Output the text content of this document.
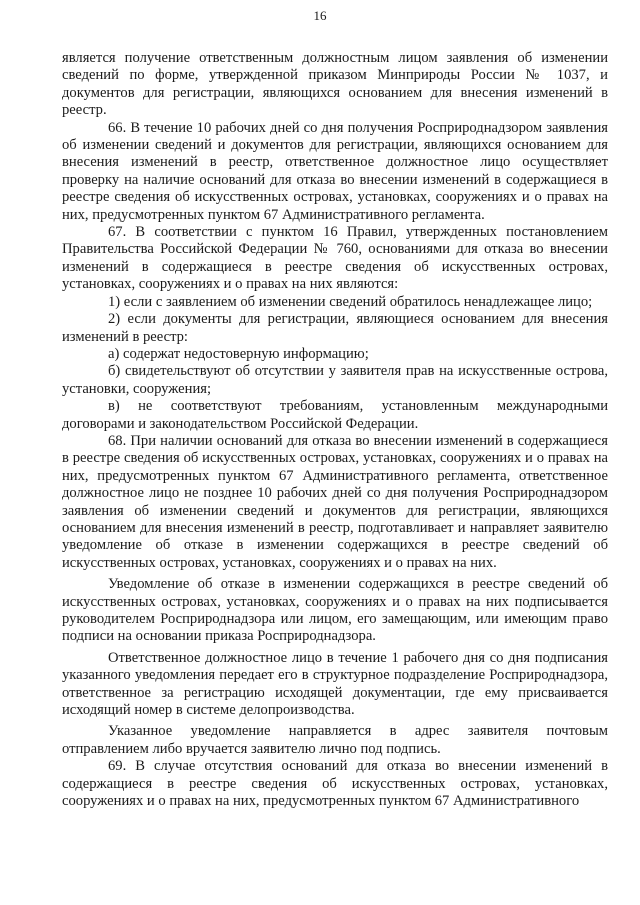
16

является получение ответственным должностным лицом заявления об изменении сведений по форме, утвержденной приказом Минприроды России № 1037, и документов для регистрации, являющихся основанием для внесения изменений в реестр.

66. В течение 10 рабочих дней со дня получения Росприроднадзором заявления об изменении сведений и документов для регистрации, являющихся основанием для внесения изменений в реестр, ответственное должностное лицо осуществляет проверку на наличие оснований для отказа во внесении изменений в содержащиеся в реестре сведения об искусственных островах, установках, сооружениях и о правах на них, предусмотренных пунктом 67 Административного регламента.

67. В соответствии с пунктом 16 Правил, утвержденных постановлением Правительства Российской Федерации № 760, основаниями для отказа во внесении изменений в содержащиеся в реестре сведения об искусственных островах, установках, сооружениях и о правах на них являются:

1) если с заявлением об изменении сведений обратилось ненадлежащее лицо;

2) если документы для регистрации, являющиеся основанием для внесения изменений в реестр:

а) содержат недостоверную информацию;

б) свидетельствуют об отсутствии у заявителя прав на искусственные острова, установки, сооружения;

в) не соответствуют требованиям, установленным международными договорами и законодательством Российской Федерации.

68. При наличии оснований для отказа во внесении изменений в содержащиеся в реестре сведения об искусственных островах, установках, сооружениях и о правах на них, предусмотренных пунктом 67 Административного регламента, ответственное должностное лицо не позднее 10 рабочих дней со дня получения Росприроднадзором заявления об изменении сведений и документов для регистрации, являющихся основанием для внесения изменений в реестр, подготавливает и направляет заявителю уведомление об отказе в изменении содержащихся в реестре сведений об искусственных островах, установках, сооружениях и о правах на них.

Уведомление об отказе в изменении содержащихся в реестре сведений об искусственных островах, установках, сооружениях и о правах на них подписывается руководителем Росприроднадзора или лицом, его замещающим, или имеющим право подписи на основании приказа Росприроднадзора.

Ответственное должностное лицо в течение 1 рабочего дня со дня подписания указанного уведомления передает его в структурное подразделение Росприроднадзора, ответственное за регистрацию исходящей документации, где ему присваивается исходящий номер в системе делопроизводства.

Указанное уведомление направляется в адрес заявителя почтовым отправлением либо вручается заявителю лично под подпись.

69. В случае отсутствия оснований для отказа во внесении изменений в содержащиеся в реестре сведения об искусственных островах, установках, сооружениях и о правах на них, предусмотренных пунктом 67 Административного
